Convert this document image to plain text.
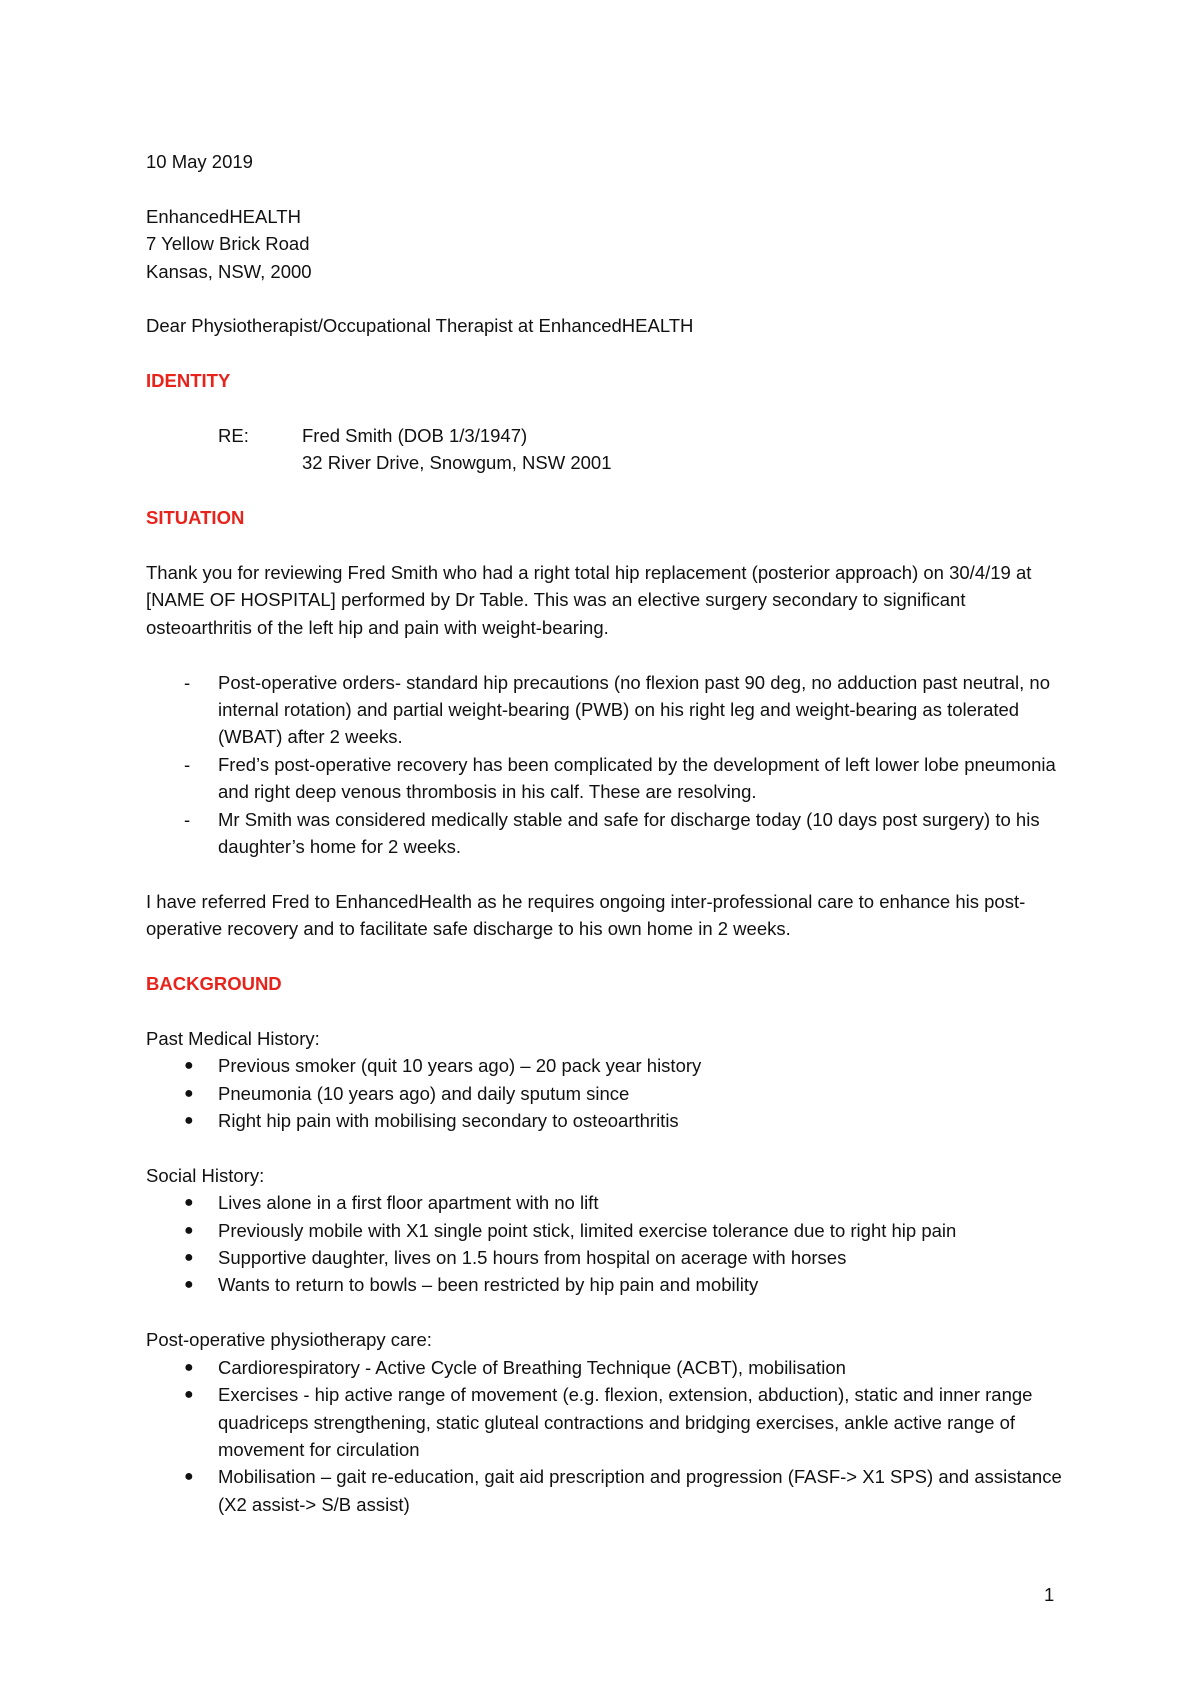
10 May 2019

EnhancedHEALTH

7 Yellow Brick Road

Kansas, NSW, 2000

Dear Physiotherapist/Occupational Therapist at EnhancedHEALTH

IDENTITY

RE:	Fred Smith (DOB 1/3/1947)
32 River Drive, Snowgum, NSW 2001

SITUATION

Thank you for reviewing Fred Smith who had a right total hip replacement (posterior approach) on 30/4/19 at [NAME OF HOSPITAL] performed by Dr Table. This was an elective surgery secondary to significant osteoarthritis of the left hip and pain with weight-bearing.

- Post-operative orders- standard hip precautions (no flexion past 90 deg, no adduction past neutral, no internal rotation) and partial weight-bearing (PWB) on his right leg and weight-bearing as tolerated (WBAT) after 2 weeks.
- Fred’s post-operative recovery has been complicated by the development of left lower lobe pneumonia and right deep venous thrombosis in his calf. These are resolving.
- Mr Smith was considered medically stable and safe for discharge today (10 days post surgery) to his daughter’s home for 2 weeks.

I have referred Fred to EnhancedHealth as he requires ongoing inter-professional care to enhance his post-operative recovery and to facilitate safe discharge to his own home in 2 weeks.

BACKGROUND

Past Medical History:

● Previous smoker (quit 10 years ago) – 20 pack year history
● Pneumonia (10 years ago) and daily sputum since
● Right hip pain with mobilising secondary to osteoarthritis

Social History:

● Lives alone in a first floor apartment with no lift
● Previously mobile with X1 single point stick, limited exercise tolerance due to right hip pain
● Supportive daughter, lives on 1.5 hours from hospital on acerage with horses
● Wants to return to bowls – been restricted by hip pain and mobility

Post-operative physiotherapy care:

● Cardiorespiratory - Active Cycle of Breathing Technique (ACBT), mobilisation
● Exercises - hip active range of movement (e.g. flexion, extension, abduction), static and inner range quadriceps strengthening, static gluteal contractions and bridging exercises, ankle active range of movement for circulation
● Mobilisation – gait re-education, gait aid prescription and progression (FASF-> X1 SPS) and assistance (X2 assist-> S/B assist)
1
